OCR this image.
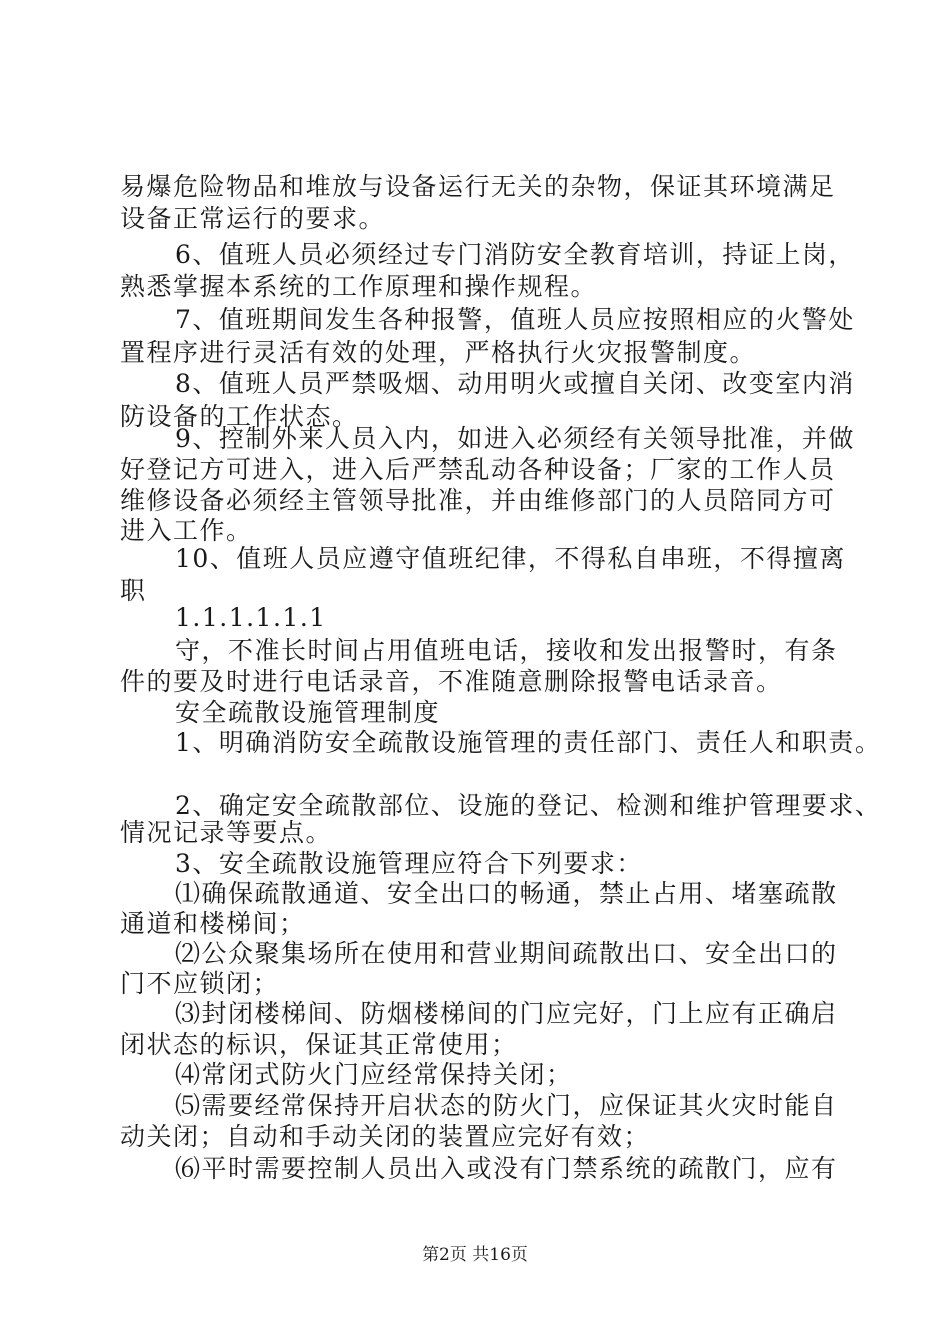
易爆危险物品和堆放与设备运行无关的杂物，保证其环境满足
设备正常运行的要求。
6、值班人员必须经过专门消防安全教育培训，持证上岗，
熟悉掌握本系统的工作原理和操作规程。
7、值班期间发生各种报警，值班人员应按照相应的火警处
置程序进行灵活有效的处理，严格执行火灾报警制度。
8、值班人员严禁吸烟、动用明火或擅自关闭、改变室内消
防设备的工作状态。
9、控制外来人员入内，如进入必须经有关领导批准，并做
好登记方可进入，进入后严禁乱动各种设备；厂家的工作人员
维修设备必须经主管领导批准，并由维修部门的人员陪同方可
进入工作。
10、值班人员应遵守值班纪律，不得私自串班，不得擅离
职
1.1.1.1.1.1
守，不准长时间占用值班电话，接收和发出报警时，有条
件的要及时进行电话录音，不准随意删除报警电话录音。
安全疏散设施管理制度
1、明确消防安全疏散设施管理的责任部门、责任人和职责。
2、确定安全疏散部位、设施的登记、检测和维护管理要求、
情况记录等要点。
3、安全疏散设施管理应符合下列要求：
⑴确保疏散通道、安全出口的畅通，禁止占用、堵塞疏散
通道和楼梯间；
⑵公众聚集场所在使用和营业期间疏散出口、安全出口的
门不应锁闭；
⑶封闭楼梯间、防烟楼梯间的门应完好，门上应有正确启
闭状态的标识，保证其正常使用；
⑷常闭式防火门应经常保持关闭；
⑸需要经常保持开启状态的防火门，应保证其火灾时能自
动关闭；自动和手动关闭的装置应完好有效；
⑹平时需要控制人员出入或没有门禁系统的疏散门，应有
第2页 共16页
